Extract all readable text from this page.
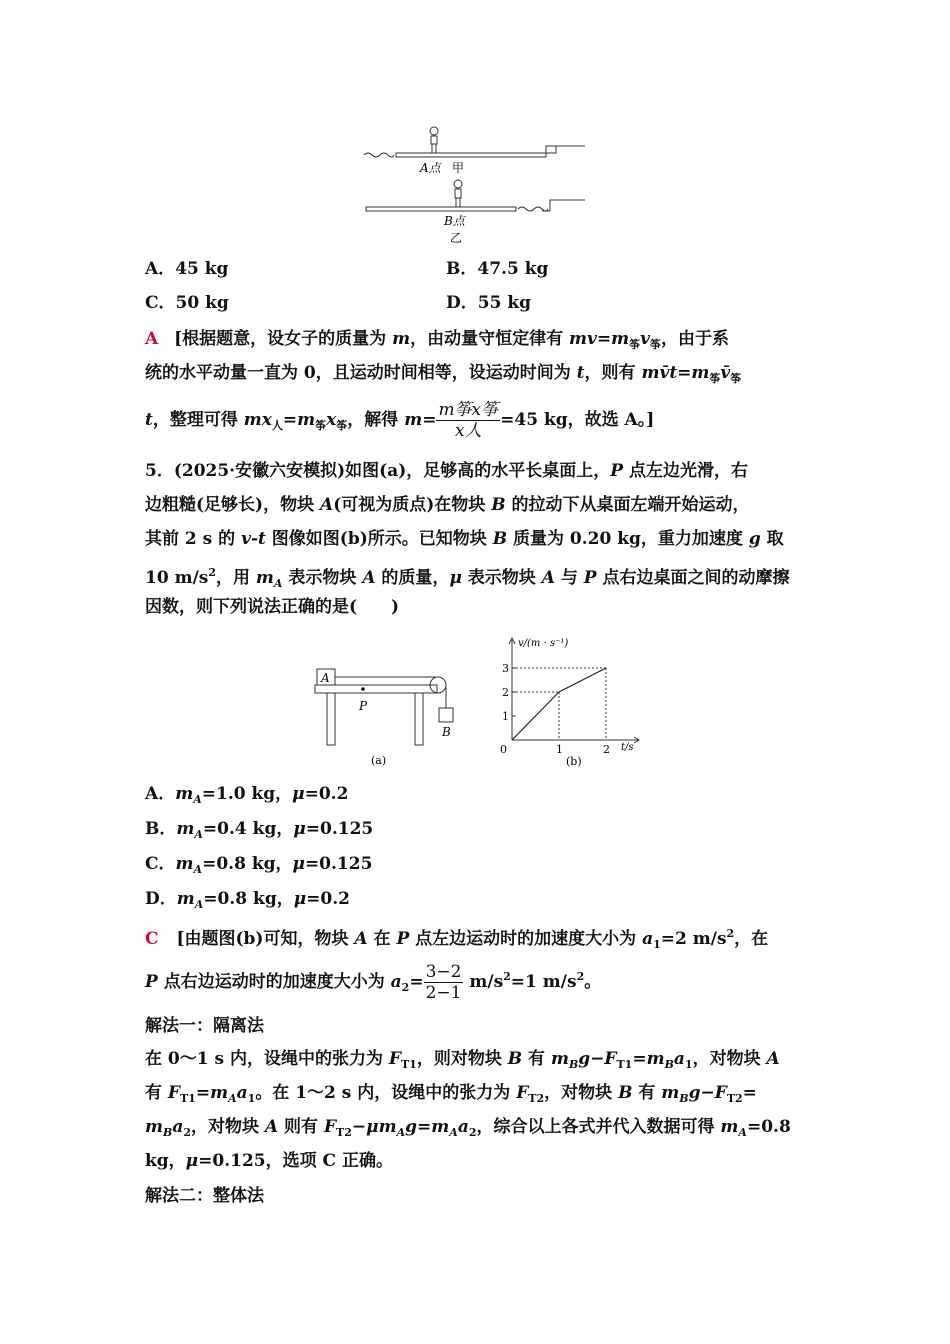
A点 甲
B点
乙
A．45 kg	B．47.5 kg
C．50 kg	D．55 kg
A [根据题意，设女子的质量为 m，由动量守恒定律有 $mv=m_筝v_筝$，由于系
统的水平动量一直为 0，且运动时间相等，设运动时间为 t，则有 $mv̄t=m_筝v̄_筝$
t，整理可得 $mx_人=m_筝x_筝$，解得 $m= \frac{\text{m筝x筝}}{\text{x人}} =45$ kg，故选 A。]
5．(2025·安徽六安模拟)如图(a)，足够高的水平长桌面上，P 点左边光滑，右
边粗糙(足够长)，物块 A(可视为质点)在物块 B 的拉动下从桌面左端开始运动，
其前 2 s 的 v-t 图像如图(b)所示。已知物块 B 质量为 0.20 kg，重力加速度 g 取
10 $m/s^2$，用 $m_A$ 表示物块 A 的质量，μ 表示物块 A 与 P 点右边桌面之间的动摩擦
因数，则下列说法正确的是(　　)
A
P
B
(a)
1
2
3
0	1	2
v/(m · s⁻¹)
t/s
(b)
A．$m_A=1.0$ kg，μ=0.2
B．$m_A=0.4$ kg，μ=0.125
C．$m_A=0.8$ kg，μ=0.125
D．$m_A=0.8$ kg，μ=0.2
C [由题图(b)可知，物块 A 在 P 点左边运动时的加速度大小为 $a_1=2$ $m/s^2$，在
P 点右边运动时的加速度大小为 $a_2= \frac{3-2}{2-1} m/s^2=1$ $m/s^2$。
解法一：隔离法
在 0～1 s 内，设绳中的张力为 $F_{T1}$，则对物块 B 有 $m_Bg-F_{T1}=m_Ba_1$，对物块 A
有 $F_{T1}=m_Aa_1$。在 1～2 s 内，设绳中的张力为 $F_{T2}$，对物块 B 有 $m_Bg-F_{T2}=$
$m_Ba_2$，对物块 A 则有 $F_{T2}-\mu m_Ag=m_Aa_2$，综合以上各式并代入数据可得 $m_A=0.8$
kg，μ=0.125，选项 C 正确。
解法二：整体法
